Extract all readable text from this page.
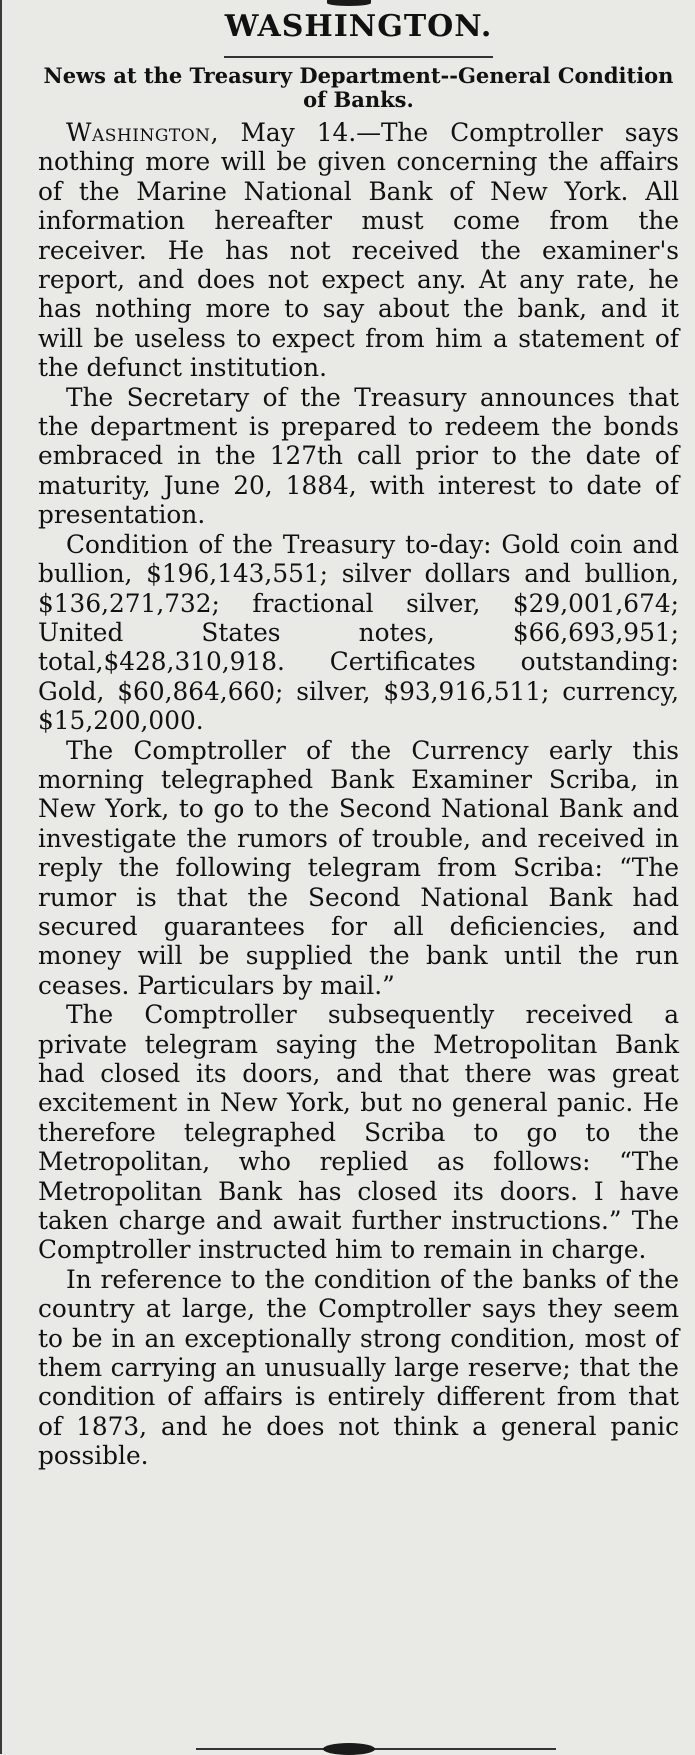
WASHINGTON.
News at the Treasury Department--General Condition of Banks.

Washington, May 14.—The Comptroller says nothing more will be given concerning the affairs of the Marine National Bank of New York. All information hereafter must come from the receiver. He has not received the examiner's report, and does not expect any. At any rate, he has nothing more to say about the bank, and it will be useless to expect from him a statement of the defunct institution.

The Secretary of the Treasury announces that the department is prepared to redeem the bonds embraced in the 127th call prior to the date of maturity, June 20, 1884, with interest to date of presentation.

Condition of the Treasury to-day: Gold coin and bullion, $196,143,551; silver dollars and bullion, $136,271,732; fractional silver, $29,001,674; United States notes, $66,693,951; total,$428,310,918. Certificates outstanding: Gold, $60,864,660; silver, $93,916,511; currency, $15,200,000.

The Comptroller of the Currency early this morning telegraphed Bank Examiner Scriba, in New York, to go to the Second National Bank and investigate the rumors of trouble, and received in reply the following telegram from Scriba: “The rumor is that the Second National Bank had secured guarantees for all deficiencies, and money will be supplied the bank until the run ceases. Particulars by mail.”

The Comptroller subsequently received a private telegram saying the Metropolitan Bank had closed its doors, and that there was great excitement in New York, but no general panic. He therefore telegraphed Scriba to go to the Metropolitan, who replied as follows: “The Metropolitan Bank has closed its doors. I have taken charge and await further instructions.” The Comptroller instructed him to remain in charge.

In reference to the condition of the banks of the country at large, the Comptroller says they seem to be in an exceptionally strong condition, most of them carrying an unusually large reserve; that the condition of affairs is entirely different from that of 1873, and he does not think a general panic possible.
